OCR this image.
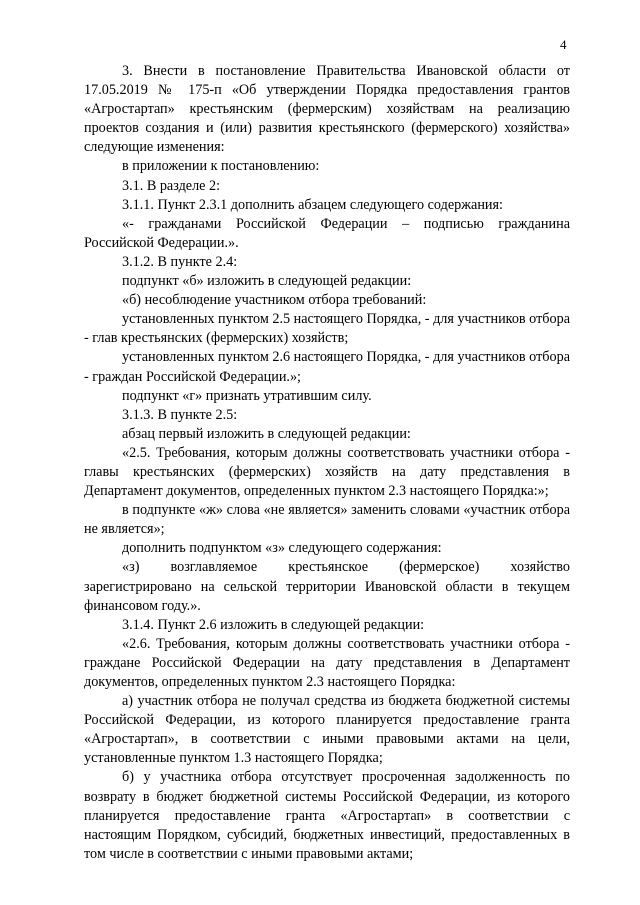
4

3. Внести в постановление Правительства Ивановской области от 17.05.2019 № 175-п «Об утверждении Порядка предоставления грантов «Агростартап» крестьянским (фермерским) хозяйствам на реализацию проектов создания и (или) развития крестьянского (фермерского) хозяйства» следующие изменения:

в приложении к постановлению:

3.1. В разделе 2:

3.1.1. Пункт 2.3.1 дополнить абзацем следующего содержания:

«- гражданами Российской Федерации – подписью гражданина Российской Федерации.».

3.1.2. В пункте 2.4:

подпункт «б» изложить в следующей редакции:

«б) несоблюдение участником отбора требований:

установленных пунктом 2.5 настоящего Порядка, - для участников отбора - глав крестьянских (фермерских) хозяйств;

установленных пунктом 2.6 настоящего Порядка, - для участников отбора - граждан Российской Федерации.»;

подпункт «г» признать утратившим силу.

3.1.3. В пункте 2.5:

абзац первый изложить в следующей редакции:

«2.5. Требования, которым должны соответствовать участники отбора - главы крестьянских (фермерских) хозяйств на дату представления в Департамент документов, определенных пунктом 2.3 настоящего Порядка:»;

в подпункте «ж» слова «не является» заменить словами «участник отбора не является»;

дополнить подпунктом «з» следующего содержания:

«з) возглавляемое крестьянское (фермерское) хозяйство зарегистрировано на сельской территории Ивановской области в текущем финансовом году.».

3.1.4. Пункт 2.6 изложить в следующей редакции:

«2.6. Требования, которым должны соответствовать участники отбора - граждане Российской Федерации на дату представления в Департамент документов, определенных пунктом 2.3 настоящего Порядка:

а) участник отбора не получал средства из бюджета бюджетной системы Российской Федерации, из которого планируется предоставление гранта «Агростартап», в соответствии с иными правовыми актами на цели, установленные пунктом 1.3 настоящего Порядка;

б) у участника отбора отсутствует просроченная задолженность по возврату в бюджет бюджетной системы Российской Федерации, из которого планируется предоставление гранта «Агростартап» в соответствии с настоящим Порядком, субсидий, бюджетных инвестиций, предоставленных в том числе в соответствии с иными правовыми актами;
